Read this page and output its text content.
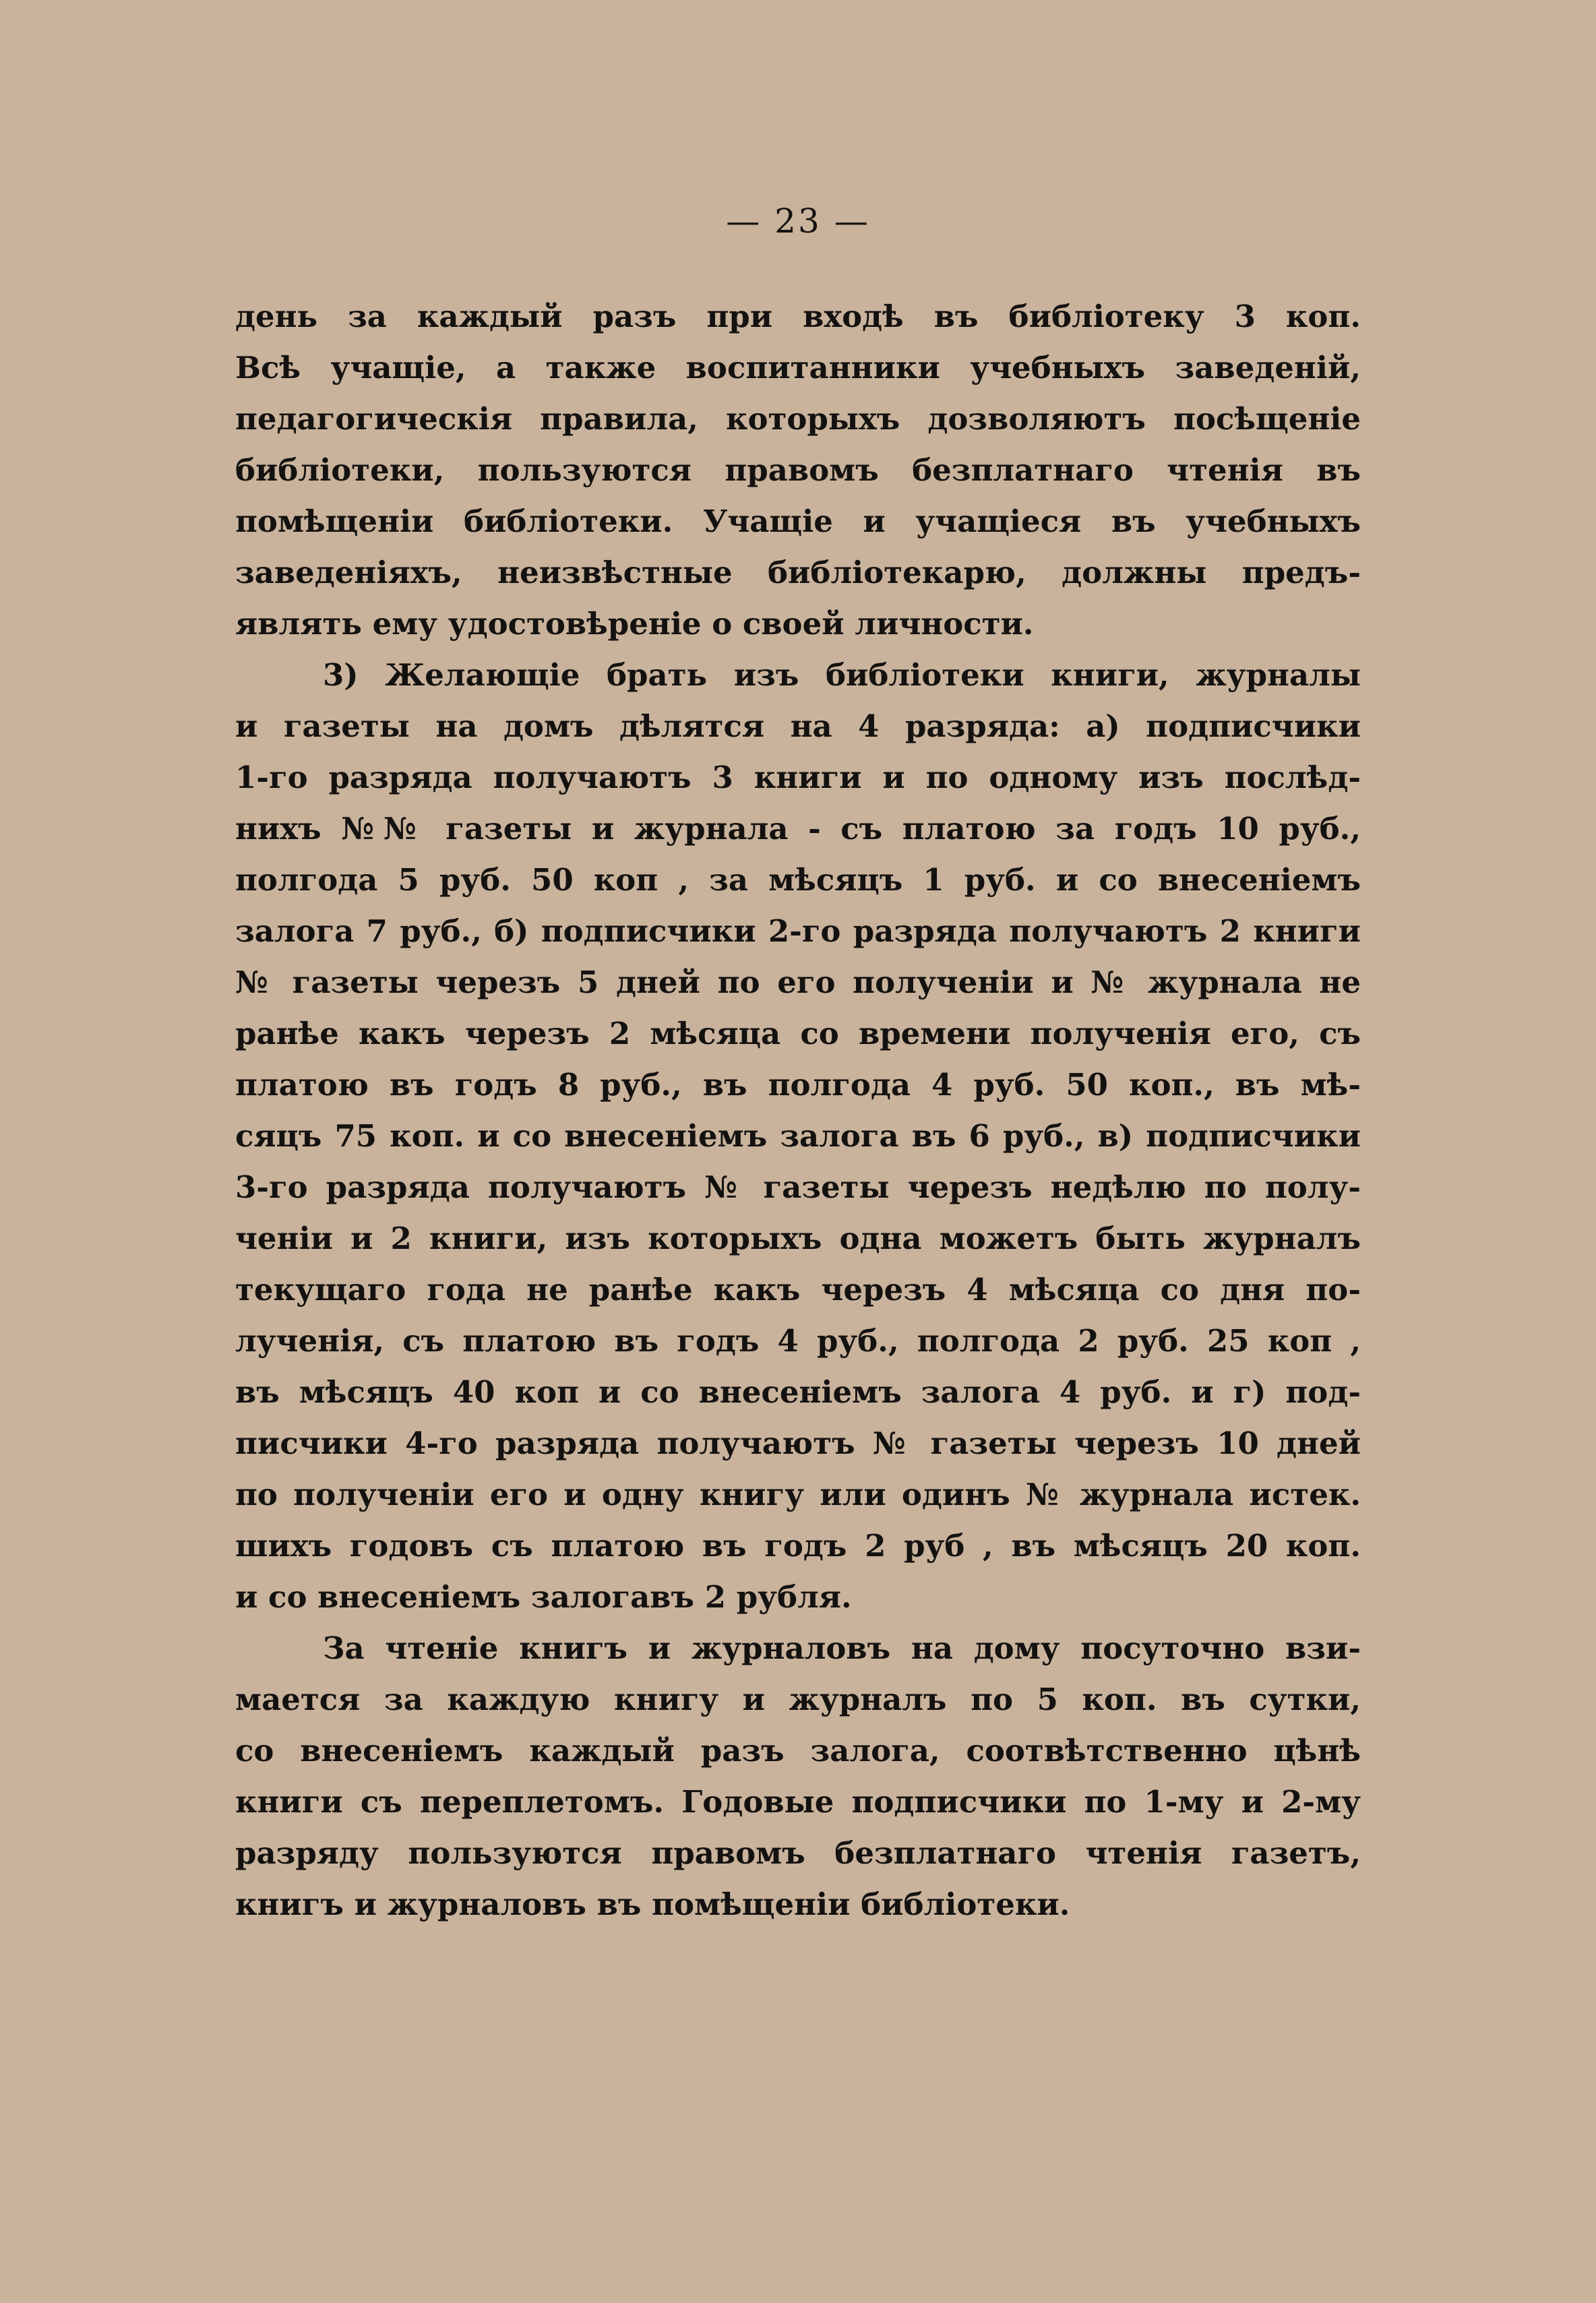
— 23 —
день за каждый разъ при входѣ въ библіотеку 3 коп.
Всѣ учащіе, а также воспитанники учебныхъ заведеній,
педагогическія правила, которыхъ дозволяютъ посѣщеніе
библіотеки, пользуются правомъ безплатнаго чтенія въ
помѣщеніи библіотеки. Учащіе и учащіеся въ учебныхъ
заведеніяхъ, неизвѣстные библіотекарю, должны предъ-
являть ему удостовѣреніе о своей личности.
3) Желающіе брать изъ библіотеки книги, журналы
и газеты на домъ дѣлятся на 4 разряда: а) подписчики
1-го разряда получаютъ 3 книги и по одному изъ послѣд-
нихъ №№ газеты и журнала - съ платою за годъ 10 руб.,
полгода 5 руб. 50 коп , за мѣсяцъ 1 руб. и со внесеніемъ
залога 7 руб., б) подписчики 2-го разряда получаютъ 2 книги
№ газеты черезъ 5 дней по его полученіи и № журнала не
ранѣе какъ черезъ 2 мѣсяца со времени полученія его, съ
платою въ годъ 8 руб., въ полгода 4 руб. 50 коп., въ мѣ-
сяцъ 75 коп. и со внесеніемъ залога въ 6 руб., в) подписчики
3-го разряда получаютъ № газеты черезъ недѣлю по полу-
ченіи и 2 книги, изъ которыхъ одна можетъ быть журналъ
текущаго года не ранѣе какъ черезъ 4 мѣсяца со дня по-
лученія, съ платою въ годъ 4 руб., полгода 2 руб. 25 коп ,
въ мѣсяцъ 40 коп и со внесеніемъ залога 4 руб. и г) под-
писчики 4-го разряда получаютъ № газеты черезъ 10 дней
по полученіи его и одну книгу или одинъ № журнала истек.
шихъ годовъ съ платою въ годъ 2 руб , въ мѣсяцъ 20 коп.
и со внесеніемъ залогавъ 2 рубля.
За чтеніе книгъ и журналовъ на дому посуточно взи-
мается за каждую книгу и журналъ по 5 коп. въ сутки,
со внесеніемъ каждый разъ залога, соотвѣтственно цѣнѣ
книги съ переплетомъ. Годовые подписчики по 1-му и 2-му
разряду пользуются правомъ безплатнаго чтенія газетъ,
книгъ и журналовъ въ помѣщеніи библіотеки.
